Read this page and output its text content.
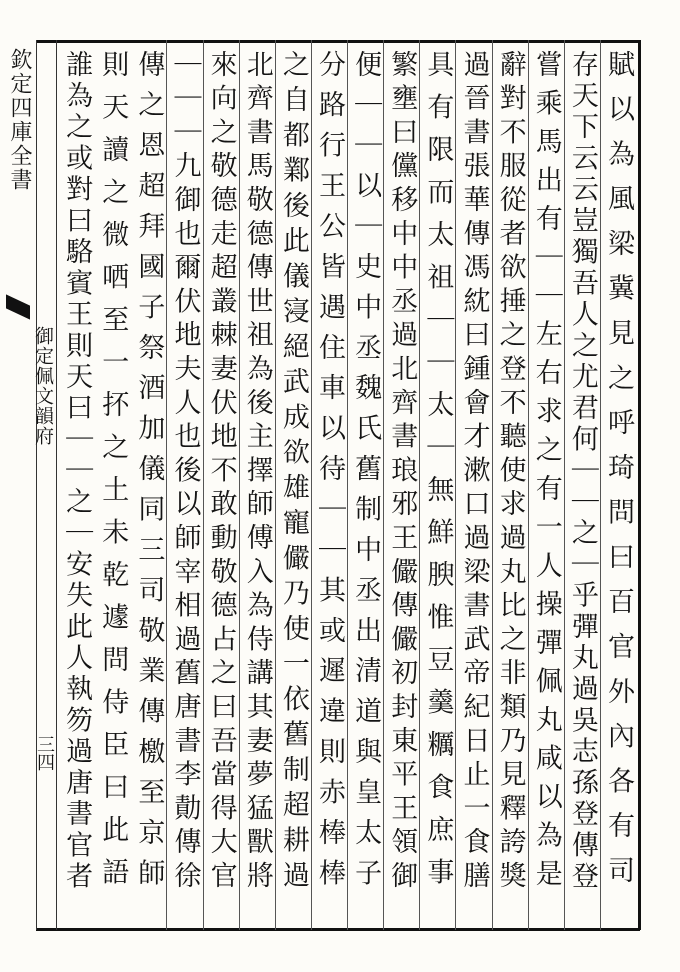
欽定四庫全書
御定佩文韻府
三四	賦以為風梁冀見之呼琦問曰百官外內各有司
存天下云云豈獨吾人之尤君何｜｜之｜乎彈丸過吳志孫登傳登
嘗乘馬出有｜｜左右求之有一人操彈佩丸咸以為是
辭對不服從者欲捶之登不聽使求過丸比之非類乃見釋誇獎
過晉書張華傳馮紞曰鍾會才漱口過梁書武帝紀日止一食膳
具有限而太祖｜｜太｜無鮮腴惟豆羹糲食庶事
繁壅曰儻移中中丞過北齊書琅邪王儼傳儼初封東平王領御
便｜｜以｜史中丞魏氏舊制中丞出清道與皇太子
分路行王公皆遇住車以待｜｜其或遲違則赤棒棒
之自都鄴後此儀寖絕武成欲雄寵儼乃使一依舊制超耕過
北齊書馬敬德傳世祖為後主擇師傅入為侍講其妻夢猛獸將
來向之敬德走超叢棘妻伏地不敢動敬德占之曰吾當得大官
｜｜｜九御也爾伏地夫人也後以師宰相過舊唐書李勣傳徐
傳之恩超拜國子祭酒加儀同三司敬業傳檄至京師
則天讀之微哂至一抔之土未乾遽問侍臣曰此語
誰為之或對曰駱賓王則天曰｜｜之｜安失此人執笏過唐書官者
